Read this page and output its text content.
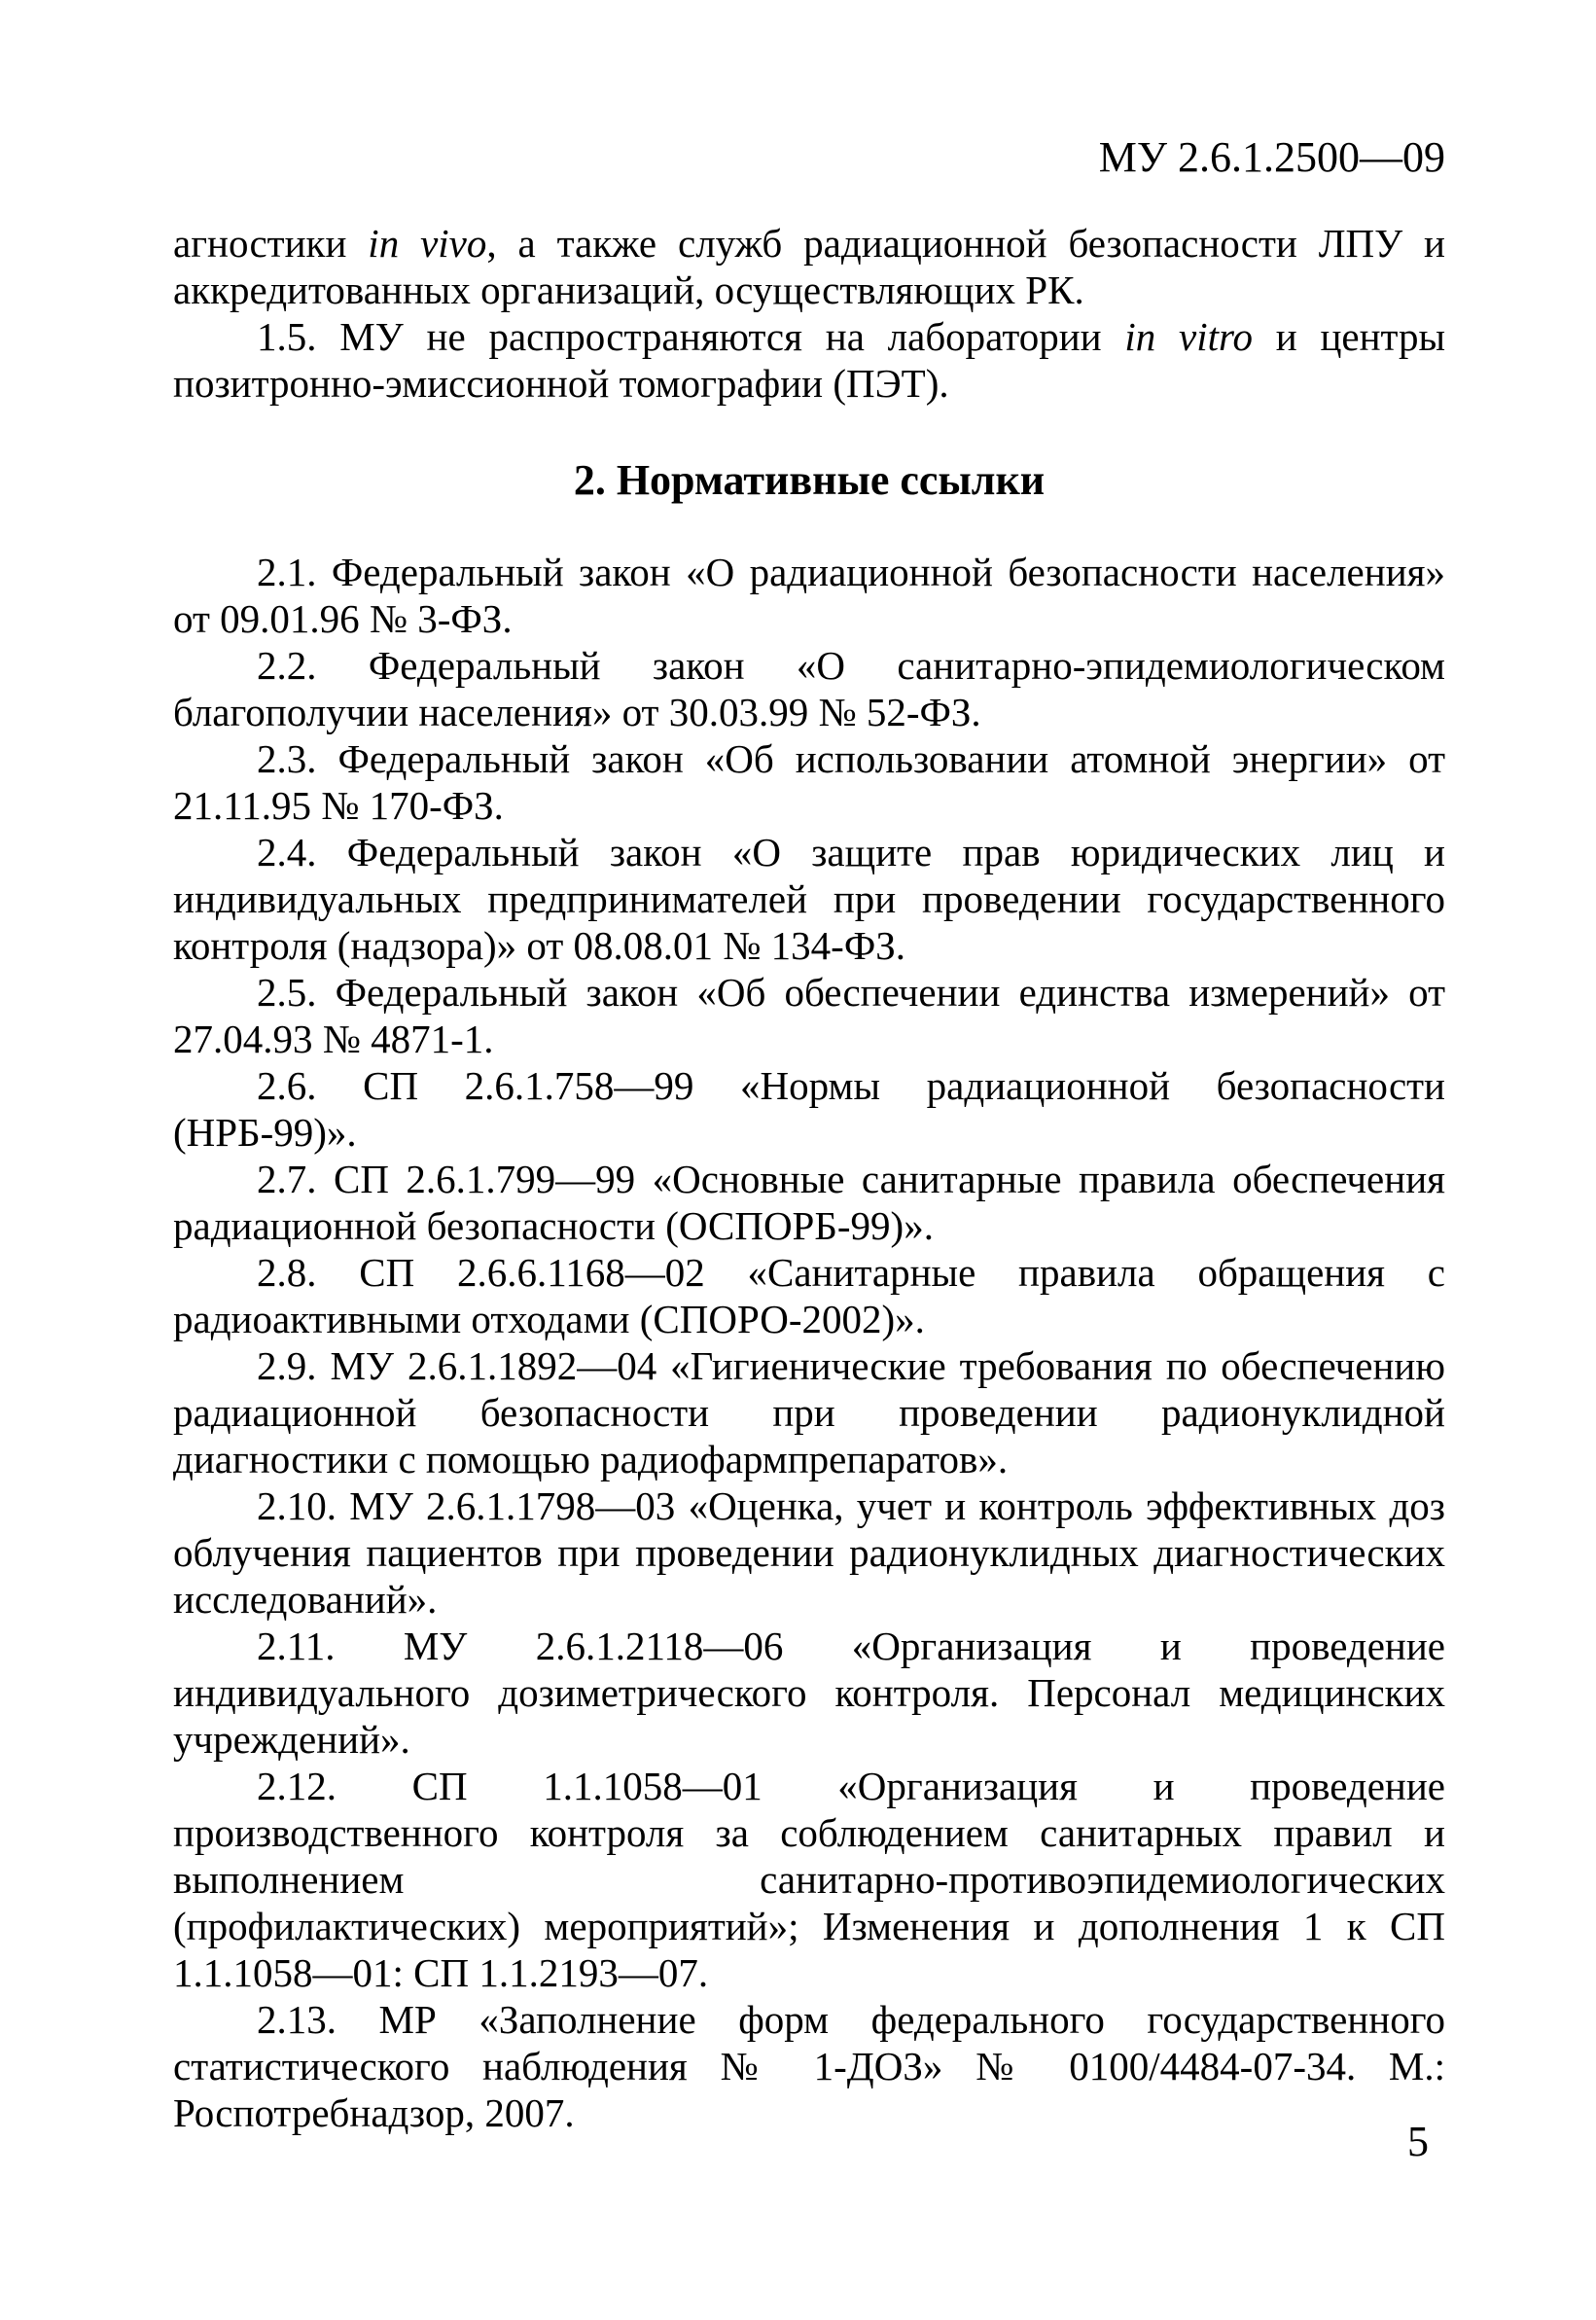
МУ 2.6.1.2500—09

агностики in vivo, а также служб радиационной безопасности ЛПУ и аккредитованных организаций, осуществляющих РК.

1.5. МУ не распространяются на лаборатории in vitro и центры позитронно-эмиссионной томографии (ПЭТ).

2. Нормативные ссылки

2.1. Федеральный закон «О радиационной безопасности населения» от 09.01.96 № 3-ФЗ.

2.2. Федеральный закон «О санитарно-эпидемиологическом благополучии населения» от 30.03.99 № 52-ФЗ.

2.3. Федеральный закон «Об использовании атомной энергии» от 21.11.95 № 170-ФЗ.

2.4. Федеральный закон «О защите прав юридических лиц и индивидуальных предпринимателей при проведении государственного контроля (надзора)» от 08.08.01 № 134-ФЗ.

2.5. Федеральный закон «Об обеспечении единства измерений» от 27.04.93 № 4871-1.

2.6. СП 2.6.1.758—99 «Нормы радиационной безопасности (НРБ-99)».

2.7. СП 2.6.1.799—99 «Основные санитарные правила обеспечения радиационной безопасности (ОСПОРБ-99)».

2.8. СП 2.6.6.1168—02 «Санитарные правила обращения с радиоактивными отходами (СПОРО-2002)».

2.9. МУ 2.6.1.1892—04 «Гигиенические требования по обеспечению радиационной безопасности при проведении радионуклидной диагностики с помощью радиофармпрепаратов».

2.10. МУ 2.6.1.1798—03 «Оценка, учет и контроль эффективных доз облучения пациентов при проведении радионуклидных диагностических исследований».

2.11. МУ 2.6.1.2118—06 «Организация и проведение индивидуального дозиметрического контроля. Персонал медицинских учреждений».

2.12. СП 1.1.1058—01 «Организация и проведение производственного контроля за соблюдением санитарных правил и выполнением санитарно-противоэпидемиологических (профилактических) мероприятий»; Изменения и дополнения 1 к СП 1.1.1058—01: СП 1.1.2193—07.

2.13. МР «Заполнение форм федерального государственного статистического наблюдения № 1-ДОЗ» № 0100/4484-07-34. М.: Роспотребнадзор, 2007.

5
